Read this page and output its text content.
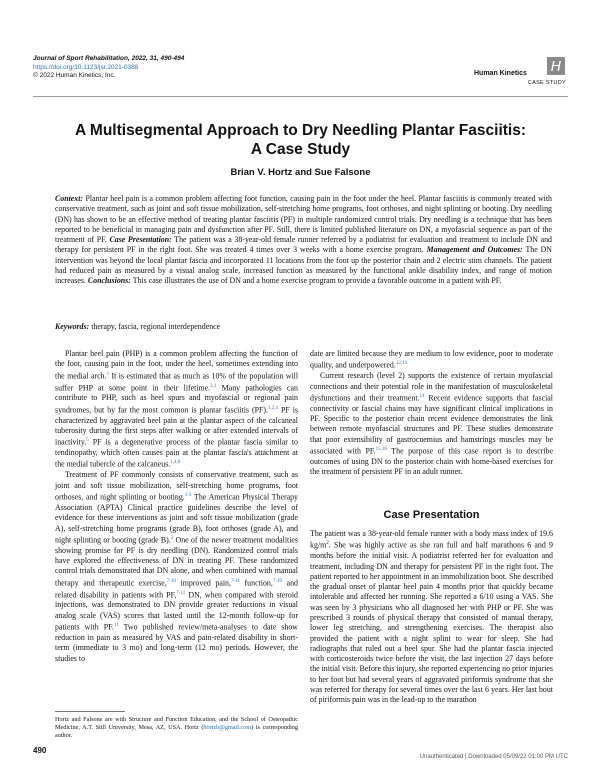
Journal of Sport Rehabilitation, 2022, 31, 490-494
https://doi.org/10.1123/jsr.2021-0388
© 2022 Human Kinetics, Inc.	Human Kinetics 𝘏
CASE STUDY
A Multisegmental Approach to Dry Needling Plantar Fasciitis:
A Case Study
Brian V. Hortz and Sue Falsone
Context: Plantar heel pain is a common problem affecting foot function, causing pain in the foot under the heel. Plantar fasciitis is commonly treated with conservative treatment, such as joint and soft tissue mobilization, self-stretching home programs, foot orthoses, and night splinting or booting. Dry needling (DN) has shown to be an effective method of treating plantar fasciitis (PF) in multiple randomized control trials. Dry needling is a technique that has been reported to be beneficial in managing pain and dysfunction after PF. Still, there is limited published literature on DN, a myofascial sequence as part of the treatment of PF. Case Presentation: The patient was a 38-year-old female runner referred by a podiatrist for evaluation and treatment to include DN and therapy for persistent PF in the right foot. She was treated 4 times over 3 weeks with a home exercise program. Management and Outcomes: The DN intervention was beyond the local plantar fascia and incorporated 11 locations from the foot up the posterior chain and 2 electric stim channels. The patient had reduced pain as measured by a visual analog scale, increased function as measured by the functional ankle disability index, and range of motion increases. Conclusions: This case illustrates the use of DN and a home exercise program to provide a favorable outcome in a patient with PF.
Keywords: therapy, fascia, regional interdependence

Plantar heel pain (PHP) is a common problem affecting the function of the foot, causing pain in the foot, under the heel, sometimes extending into the medial arch.$^1$ It is estimated that as much as 10% of the population will suffer PHP at some point in their lifetime.$^{2,3}$ Many pathologies can contribute to PHP, such as heel spurs and myofascial or regional pain syndromes, but by far the most common is plantar fasciitis (PF).$^{1,2,4}$ PF is characterized by aggravated heel pain at the plantar aspect of the calcaneal tuberosity during the first steps after walking or after extended intervals of inactivity.$^5$ PF is a degenerative process of the plantar fascia similar to tendinopathy, which often causes pain at the plantar fascia's attachment at the medial tubercle of the calcaneus.$^{1,4,6}$

Treatment of PF commonly consists of conservative treatment, such as joint and soft tissue mobilization, self-stretching home programs, foot orthoses, and night splinting or booting.$^{1-3}$ The American Physical Therapy Association (APTA) Clinical practice guidelines describe the level of evidence for these interventions as joint and soft tissue mobilization (grade A), self-stretching home programs (grade B), foot orthoses (grade A), and night splinting or booting (grade B).$^2$ One of the newer treatment modalities showing promise for PF is dry needling (DN). Randomized control trials have explored the effectiveness of DN in treating PF. These randomized control trials demonstrated that DN alone, and when combined with manual therapy and therapeutic exercise,$^{7-10}$ improved pain,$^{7-11}$ function,$^{7-10}$ and related disability in patients with PF,$^{7-11}$ DN, when compared with steroid injections, was demonstrated to DN provide greater reductions in visual analog scale (VAS) scores that lasted until the 12-month follow-up for patients with PF.$^{11}$ Two published review/meta-analyses to date show reduction in pain as measured by VAS and pain-related disability in short-term (immediate to 3 mo) and long-term (12 mo) periods. However, the studies to

Hortz and Falsone are with Structure and Function Education, and the School of Osteopathic Medicine, A.T. Still University, Mesa, AZ, USA. Hortz (hortzb@gmail.com) is corresponding author.

date are limited because they are medium to low evidence, poor to moderate quality, and underpowered.$^{12,13}$

Current research (level 2) supports the existence of certain myofascial connections and their potential role in the manifestation of musculoskeletal dysfunctions and their treatment.$^{14}$ Recent evidence supports that fascial connectivity or fascial chains may have significant clinical implications in PF. Specific to the posterior chain recent evidence demonstrates the link between remote myofascial structures and PF. These studies demonstrate that poor extensibility of gastrocnemius and hamstrings muscles may be associated with PF.$^{15,16}$ The purpose of this case report is to describe outcomes of using DN to the posterior chain with home-based exercises for the treatment of persistent PF in an adult runner.

Case Presentation

The patient was a 38-year-old female runner with a body mass index of 19.6 $kg/m^2$. She was highly active as she ran full and half marathons 6 and 9 months before the initial visit. A podiatrist referred her for evaluation and treatment, including DN and therapy for persistent PF in the right foot. The patient reported to her appointment in an immobilization boot. She described the gradual onset of plantar heel pain 4 months prior that quickly became intolerable and affected her running. She reported a 6/10 using a VAS. She was seen by 3 physicians who all diagnosed her with PHP or PF. She was prescribed 3 rounds of physical therapy that consisted of manual therapy, lower leg stretching, and strengthening exercises. The therapist also provided the patient with a night splint to wear for sleep. She had radiographs that ruled out a heel spur. She had the plantar fascia injected with corticosteroids twice before the visit, the last injection 27 days before the initial visit. Before this injury, she reported experiencing no prior injuries to her foot but had several years of aggravated piriformis syndrome that she was referred for therapy for several times over the last 6 years. Her last bout of piriformis pain was in the lead-up to the marathon

490
Unauthenticated | Downloaded 05/09/22 01:00 PM UTC
